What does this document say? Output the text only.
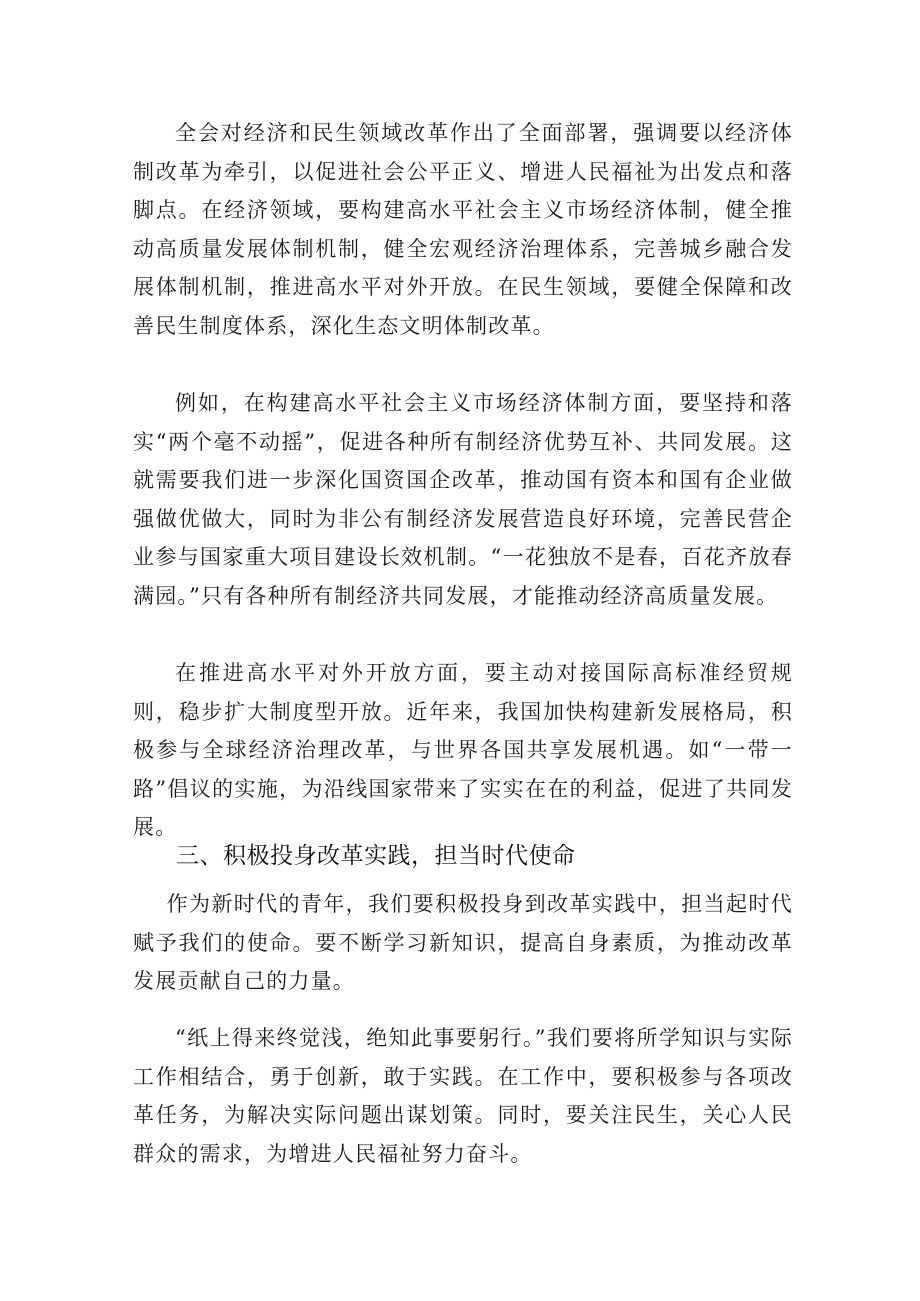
全会对经济和民生领域改革作出了全面部署，强调要以经济体制改革为牵引，以促进社会公平正义、增进人民福祉为出发点和落脚点。在经济领域，要构建高水平社会主义市场经济体制，健全推动高质量发展体制机制，健全宏观经济治理体系，完善城乡融合发展体制机制，推进高水平对外开放。在民生领域，要健全保障和改善民生制度体系，深化生态文明体制改革。

例如，在构建高水平社会主义市场经济体制方面，要坚持和落实“两个毫不动摇”，促进各种所有制经济优势互补、共同发展。这就需要我们进一步深化国资国企改革，推动国有资本和国有企业做强做优做大，同时为非公有制经济发展营造良好环境，完善民营企业参与国家重大项目建设长效机制。“一花独放不是春，百花齐放春满园。”只有各种所有制经济共同发展，才能推动经济高质量发展。

在推进高水平对外开放方面，要主动对接国际高标准经贸规则，稳步扩大制度型开放。近年来，我国加快构建新发展格局，积极参与全球经济治理改革，与世界各国共享发展机遇。如“一带一路”倡议的实施，为沿线国家带来了实实在在的利益，促进了共同发展。

三、积极投身改革实践，担当时代使命

作为新时代的青年，我们要积极投身到改革实践中，担当起时代赋予我们的使命。要不断学习新知识，提高自身素质，为推动改革发展贡献自己的力量。

“纸上得来终觉浅，绝知此事要躬行。”我们要将所学知识与实际工作相结合，勇于创新，敢于实践。在工作中，要积极参与各项改革任务，为解决实际问题出谋划策。同时，要关注民生，关心人民群众的需求，为增进人民福祉努力奋斗。
